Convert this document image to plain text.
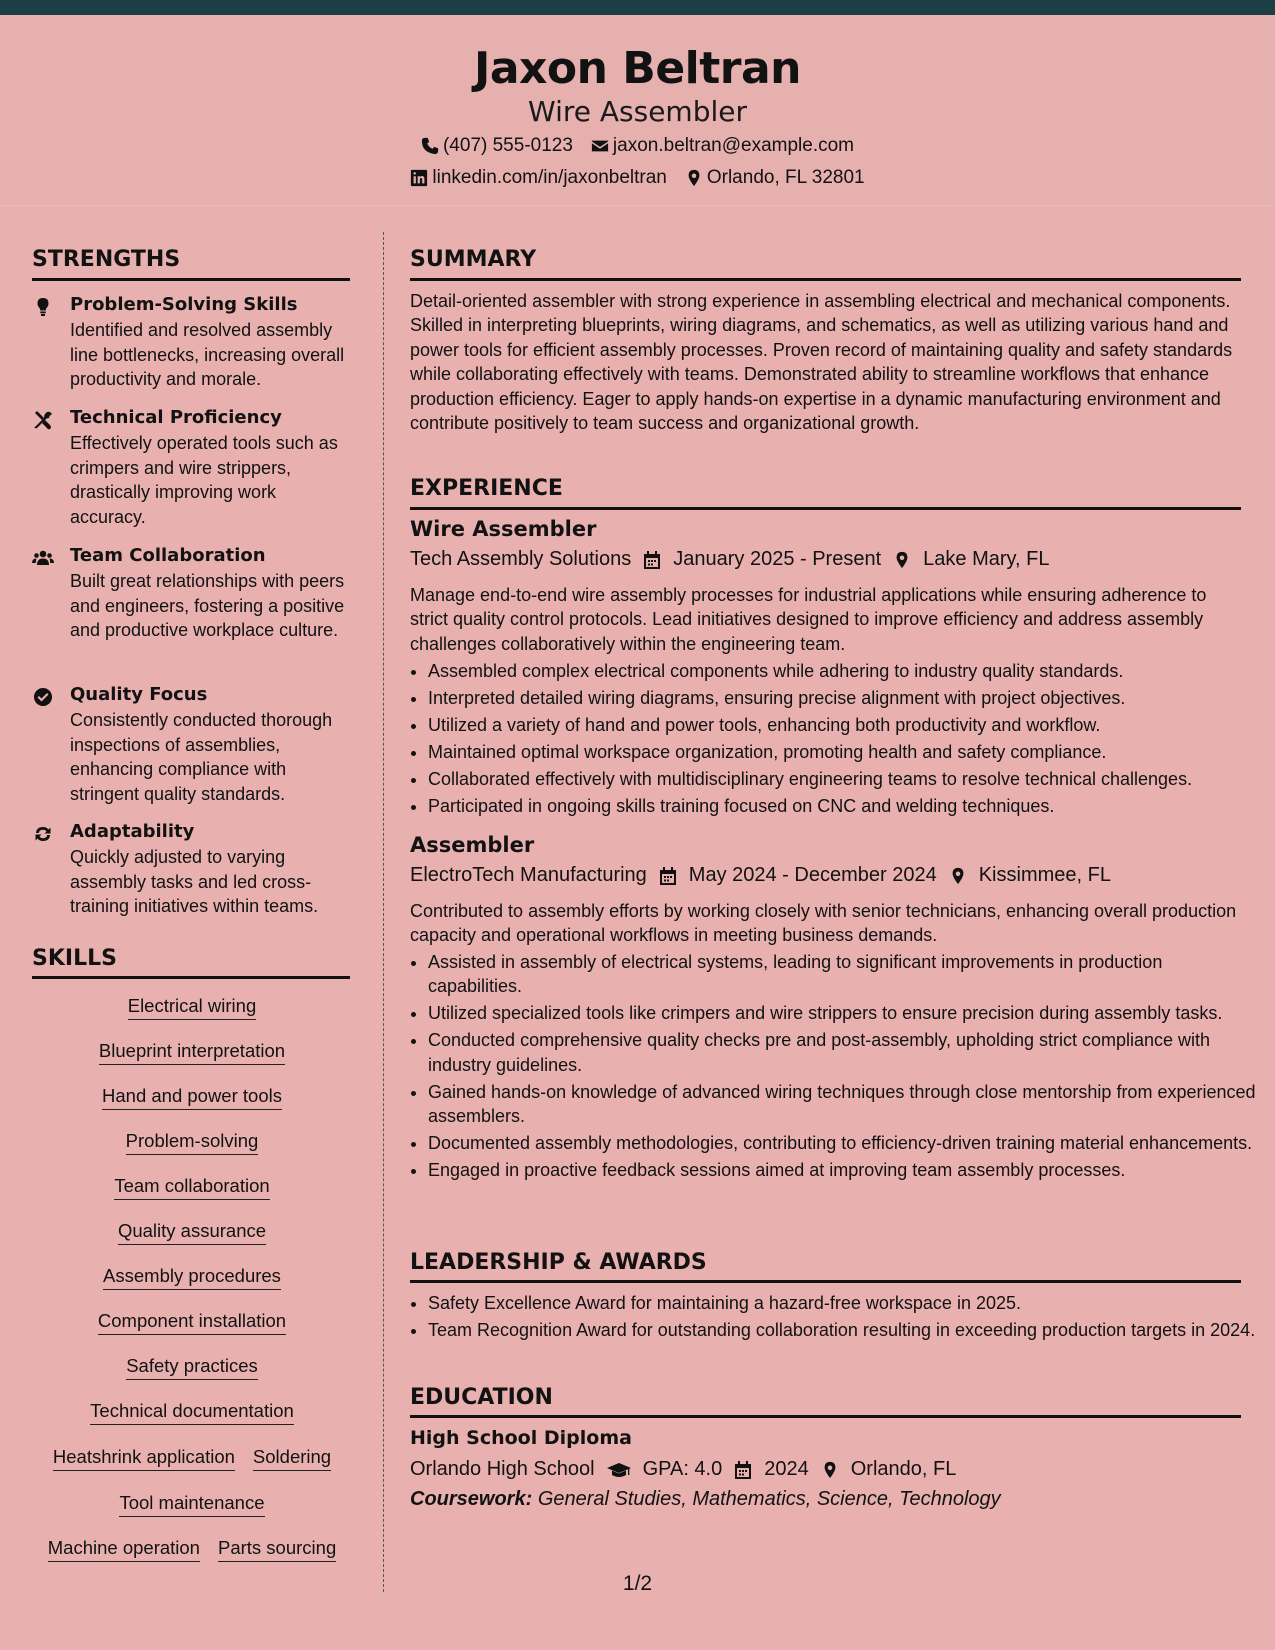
Jaxon Beltran
Wire Assembler
(407) 555-0123 jaxon.beltran@example.com
linkedin.com/in/jaxonbeltran Orlando, FL 32801
STRENGTHS
Problem-Solving Skills
Identified and resolved assembly line bottlenecks, increasing overall productivity and morale.
Technical Proficiency
Effectively operated tools such as crimpers and wire strippers, drastically improving work accuracy.
Team Collaboration
Built great relationships with peers and engineers, fostering a positive and productive workplace culture.
Quality Focus
Consistently conducted thorough inspections of assemblies, enhancing compliance with stringent quality standards.
Adaptability
Quickly adjusted to varying assembly tasks and led cross-training initiatives within teams.
SKILLS
Electrical wiring
Blueprint interpretation
Hand and power tools
Problem-solving
Team collaboration
Quality assurance
Assembly procedures
Component installation
Safety practices
Technical documentation
Heatshrink application Soldering
Tool maintenance
Machine operation Parts sourcing
SUMMARY
Detail-oriented assembler with strong experience in assembling electrical and mechanical components. Skilled in interpreting blueprints, wiring diagrams, and schematics, as well as utilizing various hand and power tools for efficient assembly processes. Proven record of maintaining quality and safety standards while collaborating effectively with teams. Demonstrated ability to streamline workflows that enhance production efficiency. Eager to apply hands-on expertise in a dynamic manufacturing environment and contribute positively to team success and organizational growth.
EXPERIENCE
Wire Assembler
Tech Assembly Solutions January 2025 - Present Lake Mary, FL
Manage end-to-end wire assembly processes for industrial applications while ensuring adherence to strict quality control protocols. Lead initiatives designed to improve efficiency and address assembly challenges collaboratively within the engineering team.
• Assembled complex electrical components while adhering to industry quality standards.
• Interpreted detailed wiring diagrams, ensuring precise alignment with project objectives.
• Utilized a variety of hand and power tools, enhancing both productivity and workflow.
• Maintained optimal workspace organization, promoting health and safety compliance.
• Collaborated effectively with multidisciplinary engineering teams to resolve technical challenges.
• Participated in ongoing skills training focused on CNC and welding techniques.
Assembler
ElectroTech Manufacturing May 2024 - December 2024 Kissimmee, FL
Contributed to assembly efforts by working closely with senior technicians, enhancing overall production capacity and operational workflows in meeting business demands.
• Assisted in assembly of electrical systems, leading to significant improvements in production capabilities.
• Utilized specialized tools like crimpers and wire strippers to ensure precision during assembly tasks.
• Conducted comprehensive quality checks pre and post-assembly, upholding strict compliance with industry guidelines.
• Gained hands-on knowledge of advanced wiring techniques through close mentorship from experienced assemblers.
• Documented assembly methodologies, contributing to efficiency-driven training material enhancements.
• Engaged in proactive feedback sessions aimed at improving team assembly processes.
LEADERSHIP & AWARDS
• Safety Excellence Award for maintaining a hazard-free workspace in 2025.
• Team Recognition Award for outstanding collaboration resulting in exceeding production targets in 2024.
EDUCATION
High School Diploma
Orlando High School GPA: 4.0 2024 Orlando, FL
Coursework: General Studies, Mathematics, Science, Technology
1/2
